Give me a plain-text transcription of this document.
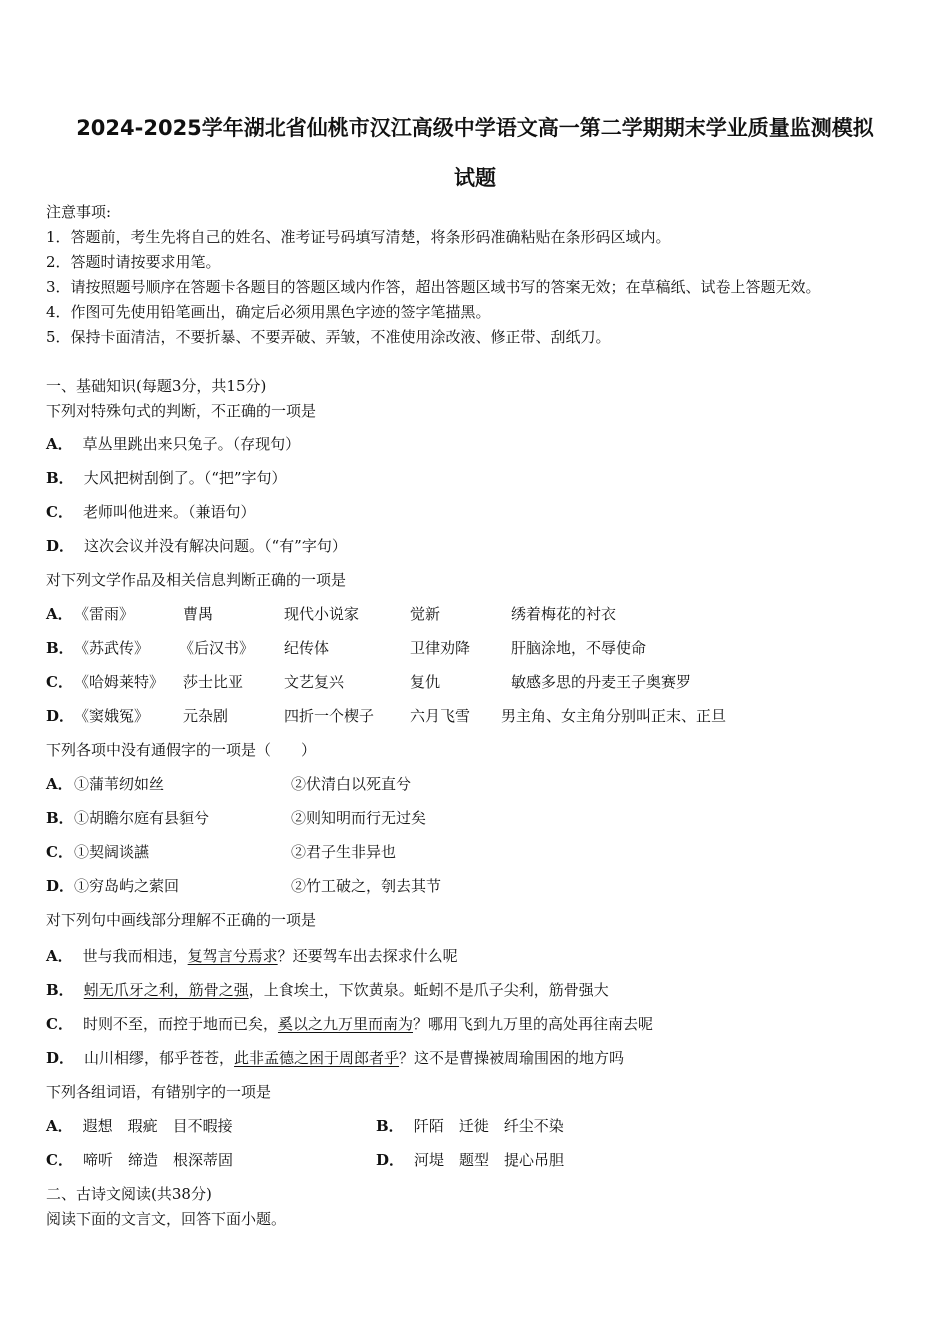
2024-2025学年湖北省仙桃市汉江高级中学语文高一第二学期期末学业质量监测模拟
试题
注意事项:
1．答题前，考生先将自己的姓名、准考证号码填写清楚，将条形码准确粘贴在条形码区域内。
2．答题时请按要求用笔。
3．请按照题号顺序在答题卡各题目的答题区域内作答，超出答题区域书写的答案无效；在草稿纸、试卷上答题无效。
4．作图可先使用铅笔画出，确定后必须用黑色字迹的签字笔描黑。
5．保持卡面清洁，不要折暴、不要弄破、弄皱，不准使用涂改液、修正带、刮纸刀。
一、基础知识(每题3分，共15分)
下列对特殊句式的判断，不正确的一项是
A． 草丛里跳出来只兔子。（存现句）
B． 大风把树刮倒了。（“把”字句）
C． 老师叫他进来。（兼语句）
D． 这次会议并没有解决问题。（“有”字句）
对下列文学作品及相关信息判断正确的一项是
A． 《雷雨》	曹禺	现代小说家	觉新	绣着梅花的衬衣
B． 《苏武传》 《后汉书》 纪传体	卫律劝降	肝脑涂地，不辱使命
C． 《哈姆莱特》 莎士比亚	文艺复兴	复仇	敏感多思的丹麦王子奥赛罗
D． 《窦娥冤》 元杂剧	四折一个楔子 六月飞雪 男主角、女主角分别叫正末、正旦
下列各项中没有通假字的一项是（　　）
A． ①蒲苇纫如丝	②伏清白以死直兮
B． ①胡瞻尔庭有县貆兮	②则知明而行无过矣
C． ①契阔谈讌	②君子生非异也
D． ①穷岛屿之萦回	②竹工破之，刳去其节
对下列句中画线部分理解不正确的一项是
A． 世与我而相违，复驾言兮焉求？还要驾车出去探求什么呢
B． 蚓无爪牙之利，筋骨之强，上食埃土，下饮黄泉。蚯蚓不是爪子尖利，筋骨强大
C． 时则不至，而控于地而已矣，奚以之九万里而南为？哪用飞到九万里的高处再往南去呢
D． 山川相缪，郁乎苍苍，此非孟德之困于周郎者乎？这不是曹操被周瑜围困的地方吗
下列各组词语，有错别字的一项是
A． 遐想　瑕疵　目不暇接	B． 阡陌　迁徙　纤尘不染
C． 啼听　缔造　根深蒂固	D． 河堤　题型　提心吊胆
二、古诗文阅读(共38分)
阅读下面的文言文，回答下面小题。
